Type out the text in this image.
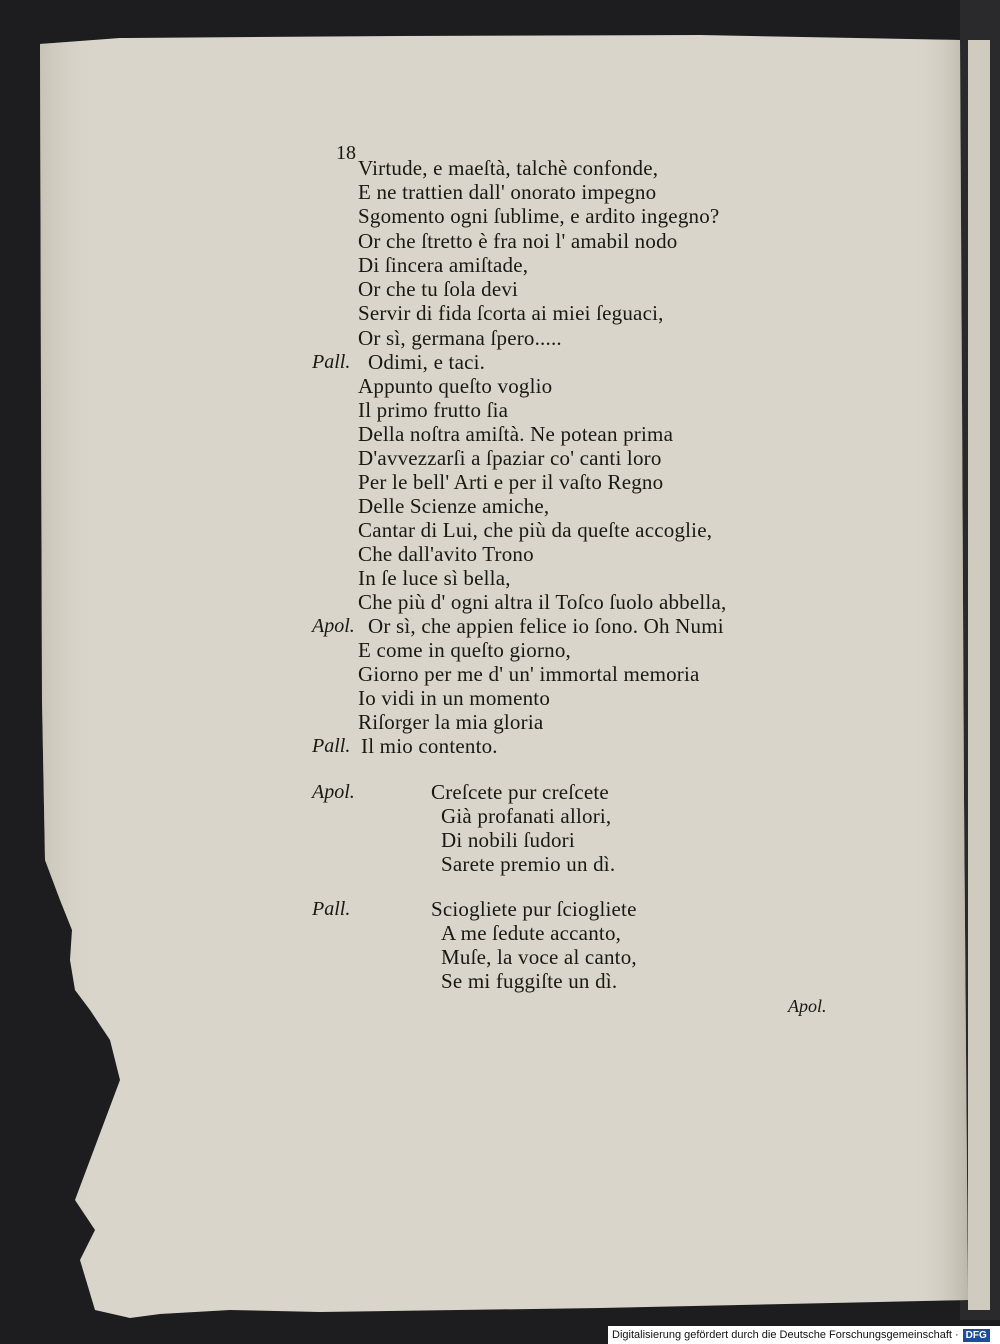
18
Virtude, e maeſtà, talchè confonde,
E ne trattien dall' onorato impegno
Sgomento ogni ſublime, e ardito ingegno?
Or che ſtretto è fra noi l' amabil nodo
Di ſincera amiſtade,
Or che tu ſola devi
Servir di fida ſcorta ai miei ſeguaci,
Or sì, germana ſpero.....
Pall. Odimi, e taci.
Appunto queſto voglio
Il primo frutto ſia
Della noſtra amiſtà. Ne potean prima
D'avvezzarſi a ſpaziar co' canti loro
Per le bell' Arti e per il vaſto Regno
Delle Scienze amiche,
Cantar di Lui, che più da queſte accoglie,
Che dall'avito Trono
In ſe luce sì bella,
Che più d' ogni altra il Toſco ſuolo abbella,
Apol. Or sì, che appien felice io ſono. Oh Numi
E come in queſto giorno,
Giorno per me d' un' immortal memoria
Io vidi in un momento
Riſorger la mia gloria
Pall. Il mio contento.
Apol.	Creſcete pur creſcete
Già profanati allori,
Di nobili ſudori
Sarete premio un dì.
Pall.	Sciogliete pur ſciogliete
A me ſedute accanto,
Muſe, la voce al canto,
Se mi fuggiſte un dì.
Apol.
Digitalisierung gefördert durch die Deutsche Forschungsgemeinschaft · DFG
